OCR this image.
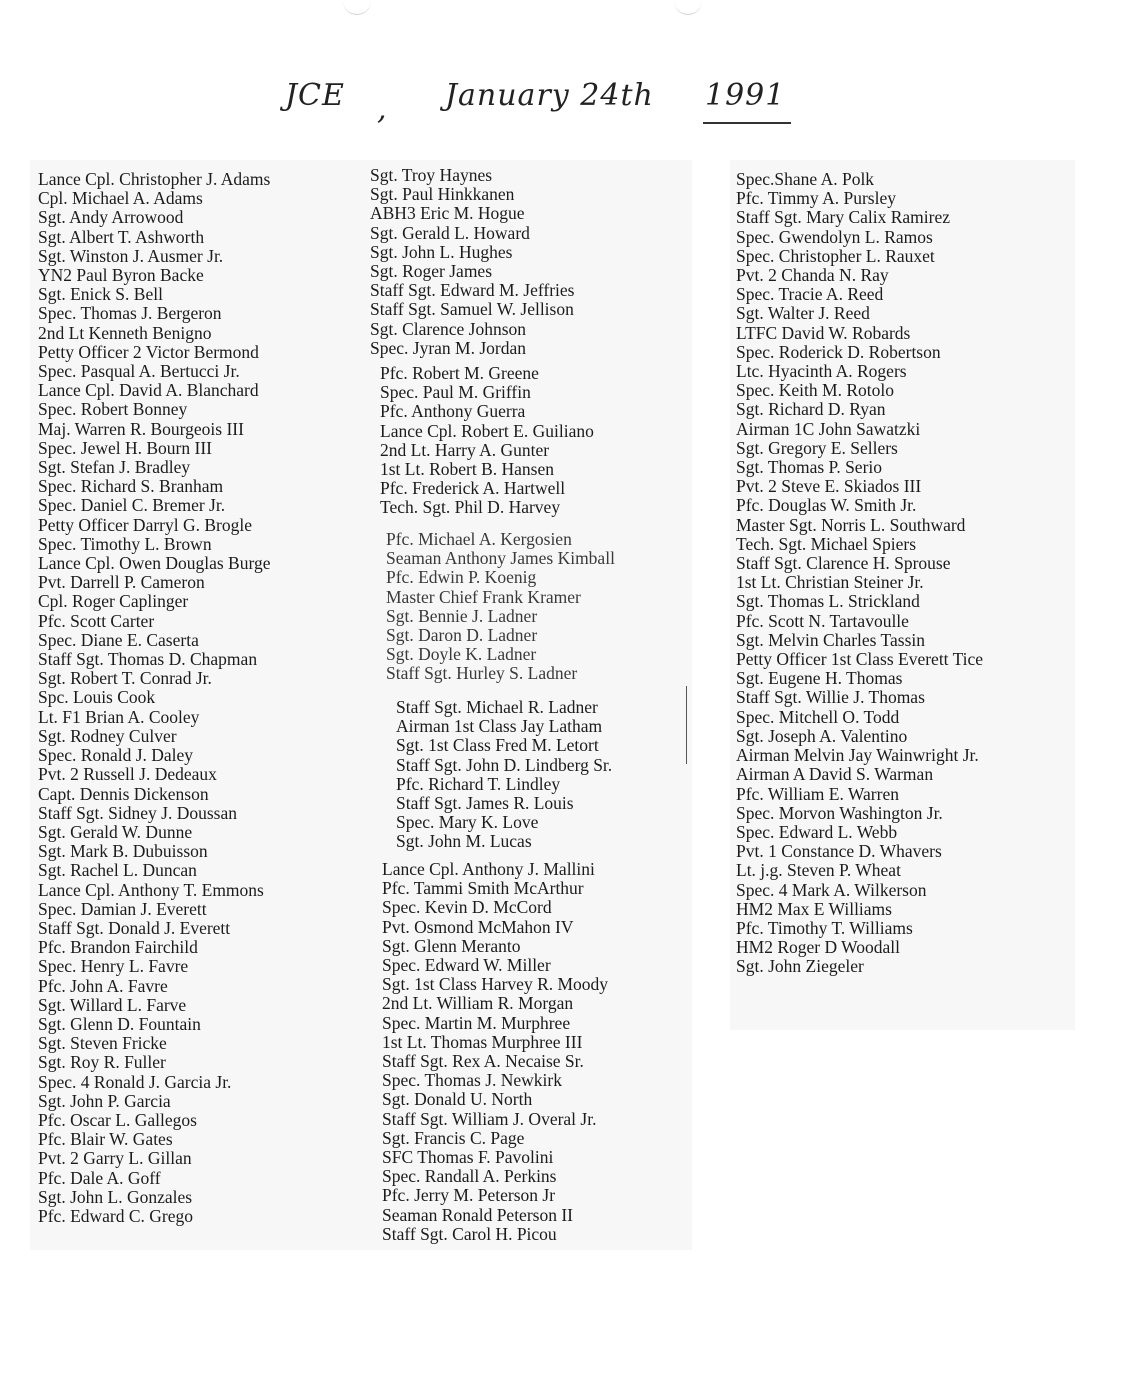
JCE , January 24th 1991
Lance Cpl. Christopher J. Adams
Cpl. Michael A. Adams
Sgt. Andy Arrowood
Sgt. Albert T. Ashworth
Sgt. Winston J. Ausmer Jr.
YN2 Paul Byron Backe
Sgt. Enick S. Bell
Spec. Thomas J. Bergeron
2nd Lt Kenneth Benigno
Petty Officer 2 Victor Bermond
Spec. Pasqual A. Bertucci Jr.
Lance Cpl. David A. Blanchard
Spec. Robert Bonney
Maj. Warren R. Bourgeois III
Spec. Jewel H. Bourn III
Sgt. Stefan J. Bradley
Spec. Richard S. Branham
Spec. Daniel C. Bremer Jr.
Petty Officer Darryl G. Brogle
Spec. Timothy L. Brown
Lance Cpl. Owen Douglas Burge
Pvt. Darrell P. Cameron
Cpl. Roger Caplinger
Pfc. Scott Carter
Spec. Diane E. Caserta
Staff Sgt. Thomas D. Chapman
Sgt. Robert T. Conrad Jr.
Spc. Louis Cook
Lt. F1 Brian A. Cooley
Sgt. Rodney Culver
Spec. Ronald J. Daley
Pvt. 2 Russell J. Dedeaux
Capt. Dennis Dickenson
Staff Sgt. Sidney J. Doussan
Sgt. Gerald W. Dunne
Sgt. Mark B. Dubuisson
Sgt. Rachel L. Duncan
Lance Cpl. Anthony T. Emmons
Spec. Damian J. Everett
Staff Sgt. Donald J. Everett
Pfc. Brandon Fairchild
Spec. Henry L. Favre
Pfc. John A. Favre
Sgt. Willard L. Farve
Sgt. Glenn D. Fountain
Sgt. Steven Fricke
Sgt. Roy R. Fuller
Spec. 4 Ronald J. Garcia Jr.
Sgt. John P. Garcia
Pfc. Oscar L. Gallegos
Pfc. Blair W. Gates
Pvt. 2 Garry L. Gillan
Pfc. Dale A. Goff
Sgt. John L. Gonzales
Pfc. Edward C. Grego
Sgt. Troy Haynes
Sgt. Paul Hinkkanen
ABH3 Eric M. Hogue
Sgt. Gerald L. Howard
Sgt. John L. Hughes
Sgt. Roger James
Staff Sgt. Edward M. Jeffries
Staff Sgt. Samuel W. Jellison
Sgt. Clarence Johnson
Spec. Jyran M. Jordan
Pfc. Robert M. Greene
Spec. Paul M. Griffin
Pfc. Anthony Guerra
Lance Cpl. Robert E. Guiliano
2nd Lt. Harry A. Gunter
1st Lt. Robert B. Hansen
Pfc. Frederick A. Hartwell
Tech. Sgt. Phil D. Harvey
Pfc. Michael A. Kergosien
Seaman Anthony James Kimball
Pfc. Edwin P. Koenig
Master Chief Frank Kramer
Sgt. Bennie J. Ladner
Sgt. Daron D. Ladner
Sgt. Doyle K. Ladner
Staff Sgt. Hurley S. Ladner
Staff Sgt. Michael R. Ladner
Airman 1st Class Jay Latham
Sgt. 1st Class Fred M. Letort
Staff Sgt. John D. Lindberg Sr.
Pfc. Richard T. Lindley
Staff Sgt. James R. Louis
Spec. Mary K. Love
Sgt. John M. Lucas
Lance Cpl. Anthony J. Mallini
Pfc. Tammi Smith McArthur
Spec. Kevin D. McCord
Pvt. Osmond McMahon IV
Sgt. Glenn Meranto
Spec. Edward W. Miller
Sgt. 1st Class Harvey R. Moody
2nd Lt. William R. Morgan
Spec. Martin M. Murphree
1st Lt. Thomas Murphree III
Staff Sgt. Rex A. Necaise Sr.
Spec. Thomas J. Newkirk
Sgt. Donald U. North
Staff Sgt. William J. Overal Jr.
Sgt. Francis C. Page
SFC Thomas F. Pavolini
Spec. Randall A. Perkins
Pfc. Jerry M. Peterson Jr
Seaman Ronald Peterson II
Staff Sgt. Carol H. Picou
Spec.Shane A. Polk
Pfc. Timmy A. Pursley
Staff Sgt. Mary Calix Ramirez
Spec. Gwendolyn L. Ramos
Spec. Christopher L. Rauxet
Pvt. 2 Chanda N. Ray
Spec. Tracie A. Reed
Sgt. Walter J. Reed
LTFC David W. Robards
Spec. Roderick D. Robertson
Ltc. Hyacinth A. Rogers
Spec. Keith M. Rotolo
Sgt. Richard D. Ryan
Airman 1C John Sawatzki
Sgt. Gregory E. Sellers
Sgt. Thomas P. Serio
Pvt. 2 Steve E. Skiados III
Pfc. Douglas W. Smith Jr.
Master Sgt. Norris L. Southward
Tech. Sgt. Michael Spiers
Staff Sgt. Clarence H. Sprouse
1st Lt. Christian Steiner Jr.
Sgt. Thomas L. Strickland
Pfc. Scott N. Tartavoulle
Sgt. Melvin Charles Tassin
Petty Officer 1st Class Everett Tice
Sgt. Eugene H. Thomas
Staff Sgt. Willie J. Thomas
Spec. Mitchell O. Todd
Sgt. Joseph A. Valentino
Airman Melvin Jay Wainwright Jr.
Airman A David S. Warman
Pfc. William E. Warren
Spec. Morvon Washington Jr.
Spec. Edward L. Webb
Pvt. 1 Constance D. Whavers
Lt. j.g. Steven P. Wheat
Spec. 4 Mark A. Wilkerson
HM2 Max E Williams
Pfc. Timothy T. Williams
HM2 Roger D Woodall
Sgt. John Ziegeler
